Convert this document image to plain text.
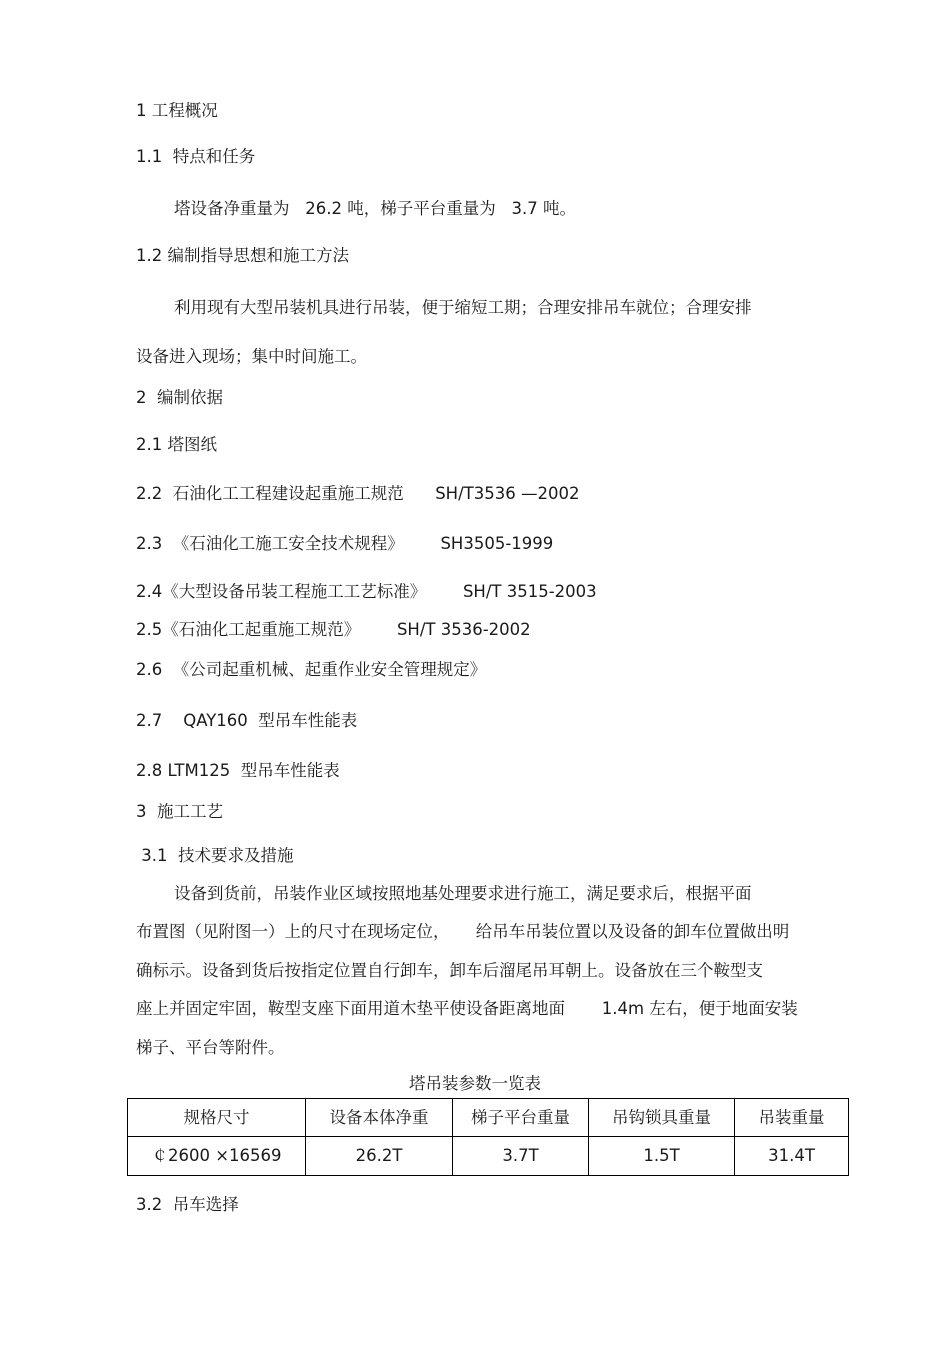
1 工程概况
1.1  特点和任务
塔设备净重量为   26.2 吨，梯子平台重量为   3.7 吨。
1.2 编制指导思想和施工方法
利用现有大型吊装机具进行吊装，便于缩短工期；合理安排吊车就位；合理安排
设备进入现场；集中时间施工。
2  编制依据
2.1 塔图纸
2.2  石油化工工程建设起重施工规范      SH/T3536 —2002
2.3  《石油化工施工安全技术规程》       SH3505-1999
2.4《大型设备吊装工程施工工艺标准》       SH/T 3515-2003
2.5《石油化工起重施工规范》       SH/T 3536-2002
2.6  《公司起重机械、起重作业安全管理规定》
2.7    QAY160  型吊车性能表
2.8 LTM125  型吊车性能表
3  施工工艺
3.1  技术要求及措施
设备到货前，吊装作业区域按照地基处理要求进行施工，满足要求后，根据平面
布置图（见附图一）上的尺寸在现场定位，     给吊车吊装位置以及设备的卸车位置做出明
确标示。设备到货后按指定位置自行卸车，卸车后溜尾吊耳朝上。设备放在三个鞍型支
座上并固定牢固，鞍型支座下面用道木垫平使设备距离地面       1.4m 左右，便于地面安装
梯子、平台等附件。
塔吊装参数一览表
规格尺寸	设备本体净重	梯子平台重量	吊钩锁具重量	吊装重量
￠2600 ×16569	26.2T	3.7T	1.5T	31.4T
3.2  吊车选择
